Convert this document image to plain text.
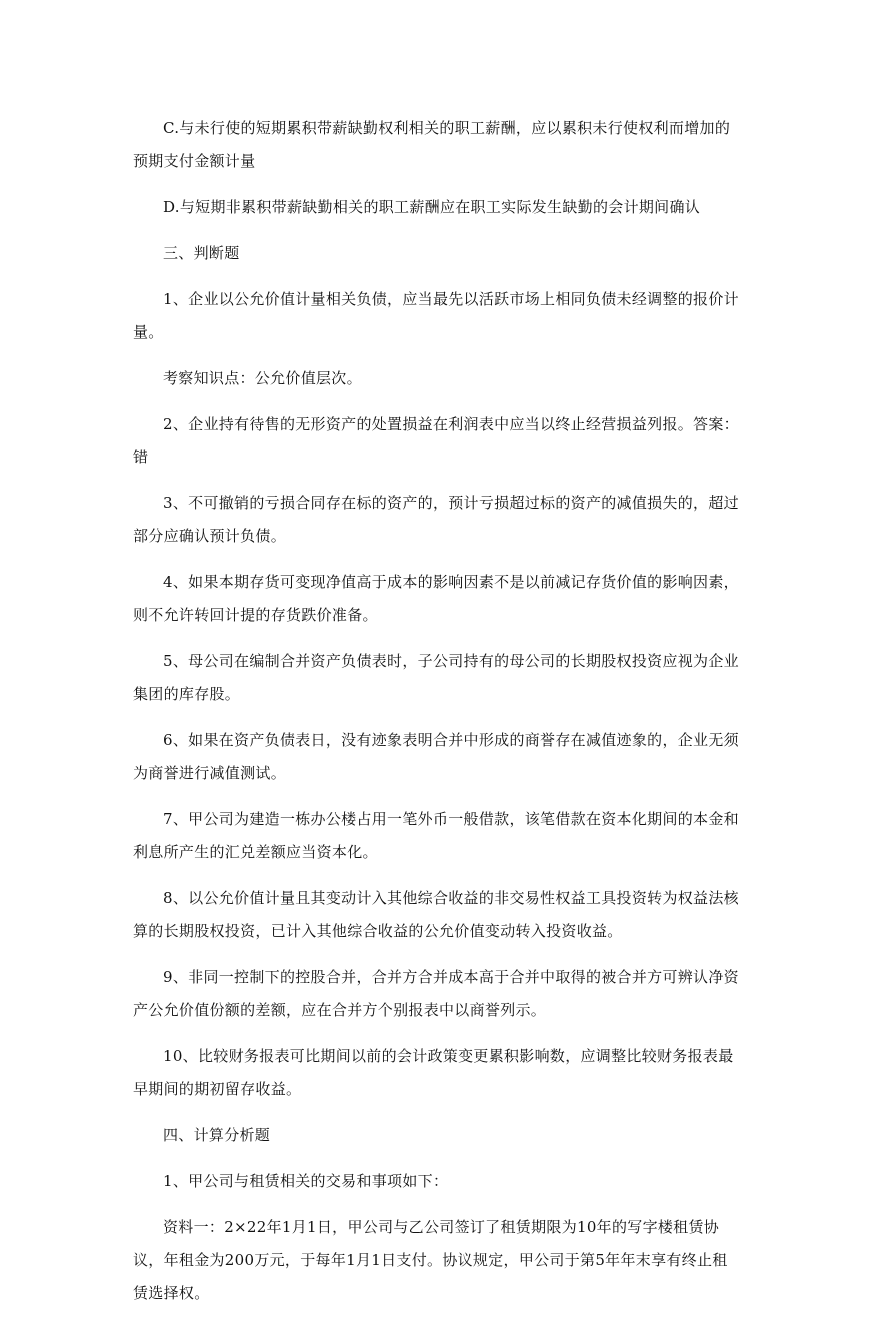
C.与未行使的短期累积带薪缺勤权利相关的职工薪酬，应以累积未行使权利而增加的预期支付金额计量

D.与短期非累积带薪缺勤相关的职工薪酬应在职工实际发生缺勤的会计期间确认

三、判断题

1、企业以公允价值计量相关负债，应当最先以活跃市场上相同负债未经调整的报价计量。

考察知识点：公允价值层次。

2、企业持有待售的无形资产的处置损益在利润表中应当以终止经营损益列报。答案：错

3、不可撤销的亏损合同存在标的资产的，预计亏损超过标的资产的减值损失的，超过部分应确认预计负债。

4、如果本期存货可变现净值高于成本的影响因素不是以前减记存货价值的影响因素，则不允许转回计提的存货跌价准备。

5、母公司在编制合并资产负债表时，子公司持有的母公司的长期股权投资应视为企业集团的库存股。

6、如果在资产负债表日，没有迹象表明合并中形成的商誉存在减值迹象的，企业无须为商誉进行减值测试。

7、甲公司为建造一栋办公楼占用一笔外币一般借款，该笔借款在资本化期间的本金和利息所产生的汇兑差额应当资本化。

8、以公允价值计量且其变动计入其他综合收益的非交易性权益工具投资转为权益法核算的长期股权投资，已计入其他综合收益的公允价值变动转入投资收益。

9、非同一控制下的控股合并，合并方合并成本高于合并中取得的被合并方可辨认净资产公允价值份额的差额，应在合并方个别报表中以商誉列示。

10、比较财务报表可比期间以前的会计政策变更累积影响数，应调整比较财务报表最早期间的期初留存收益。

四、计算分析题

1、甲公司与租赁相关的交易和事项如下：

资料一：2×22年1月1日，甲公司与乙公司签订了租赁期限为10年的写字楼租赁协议，年租金为200万元，于每年1月1日支付。协议规定，甲公司于第5年年末享有终止租赁选择权。
